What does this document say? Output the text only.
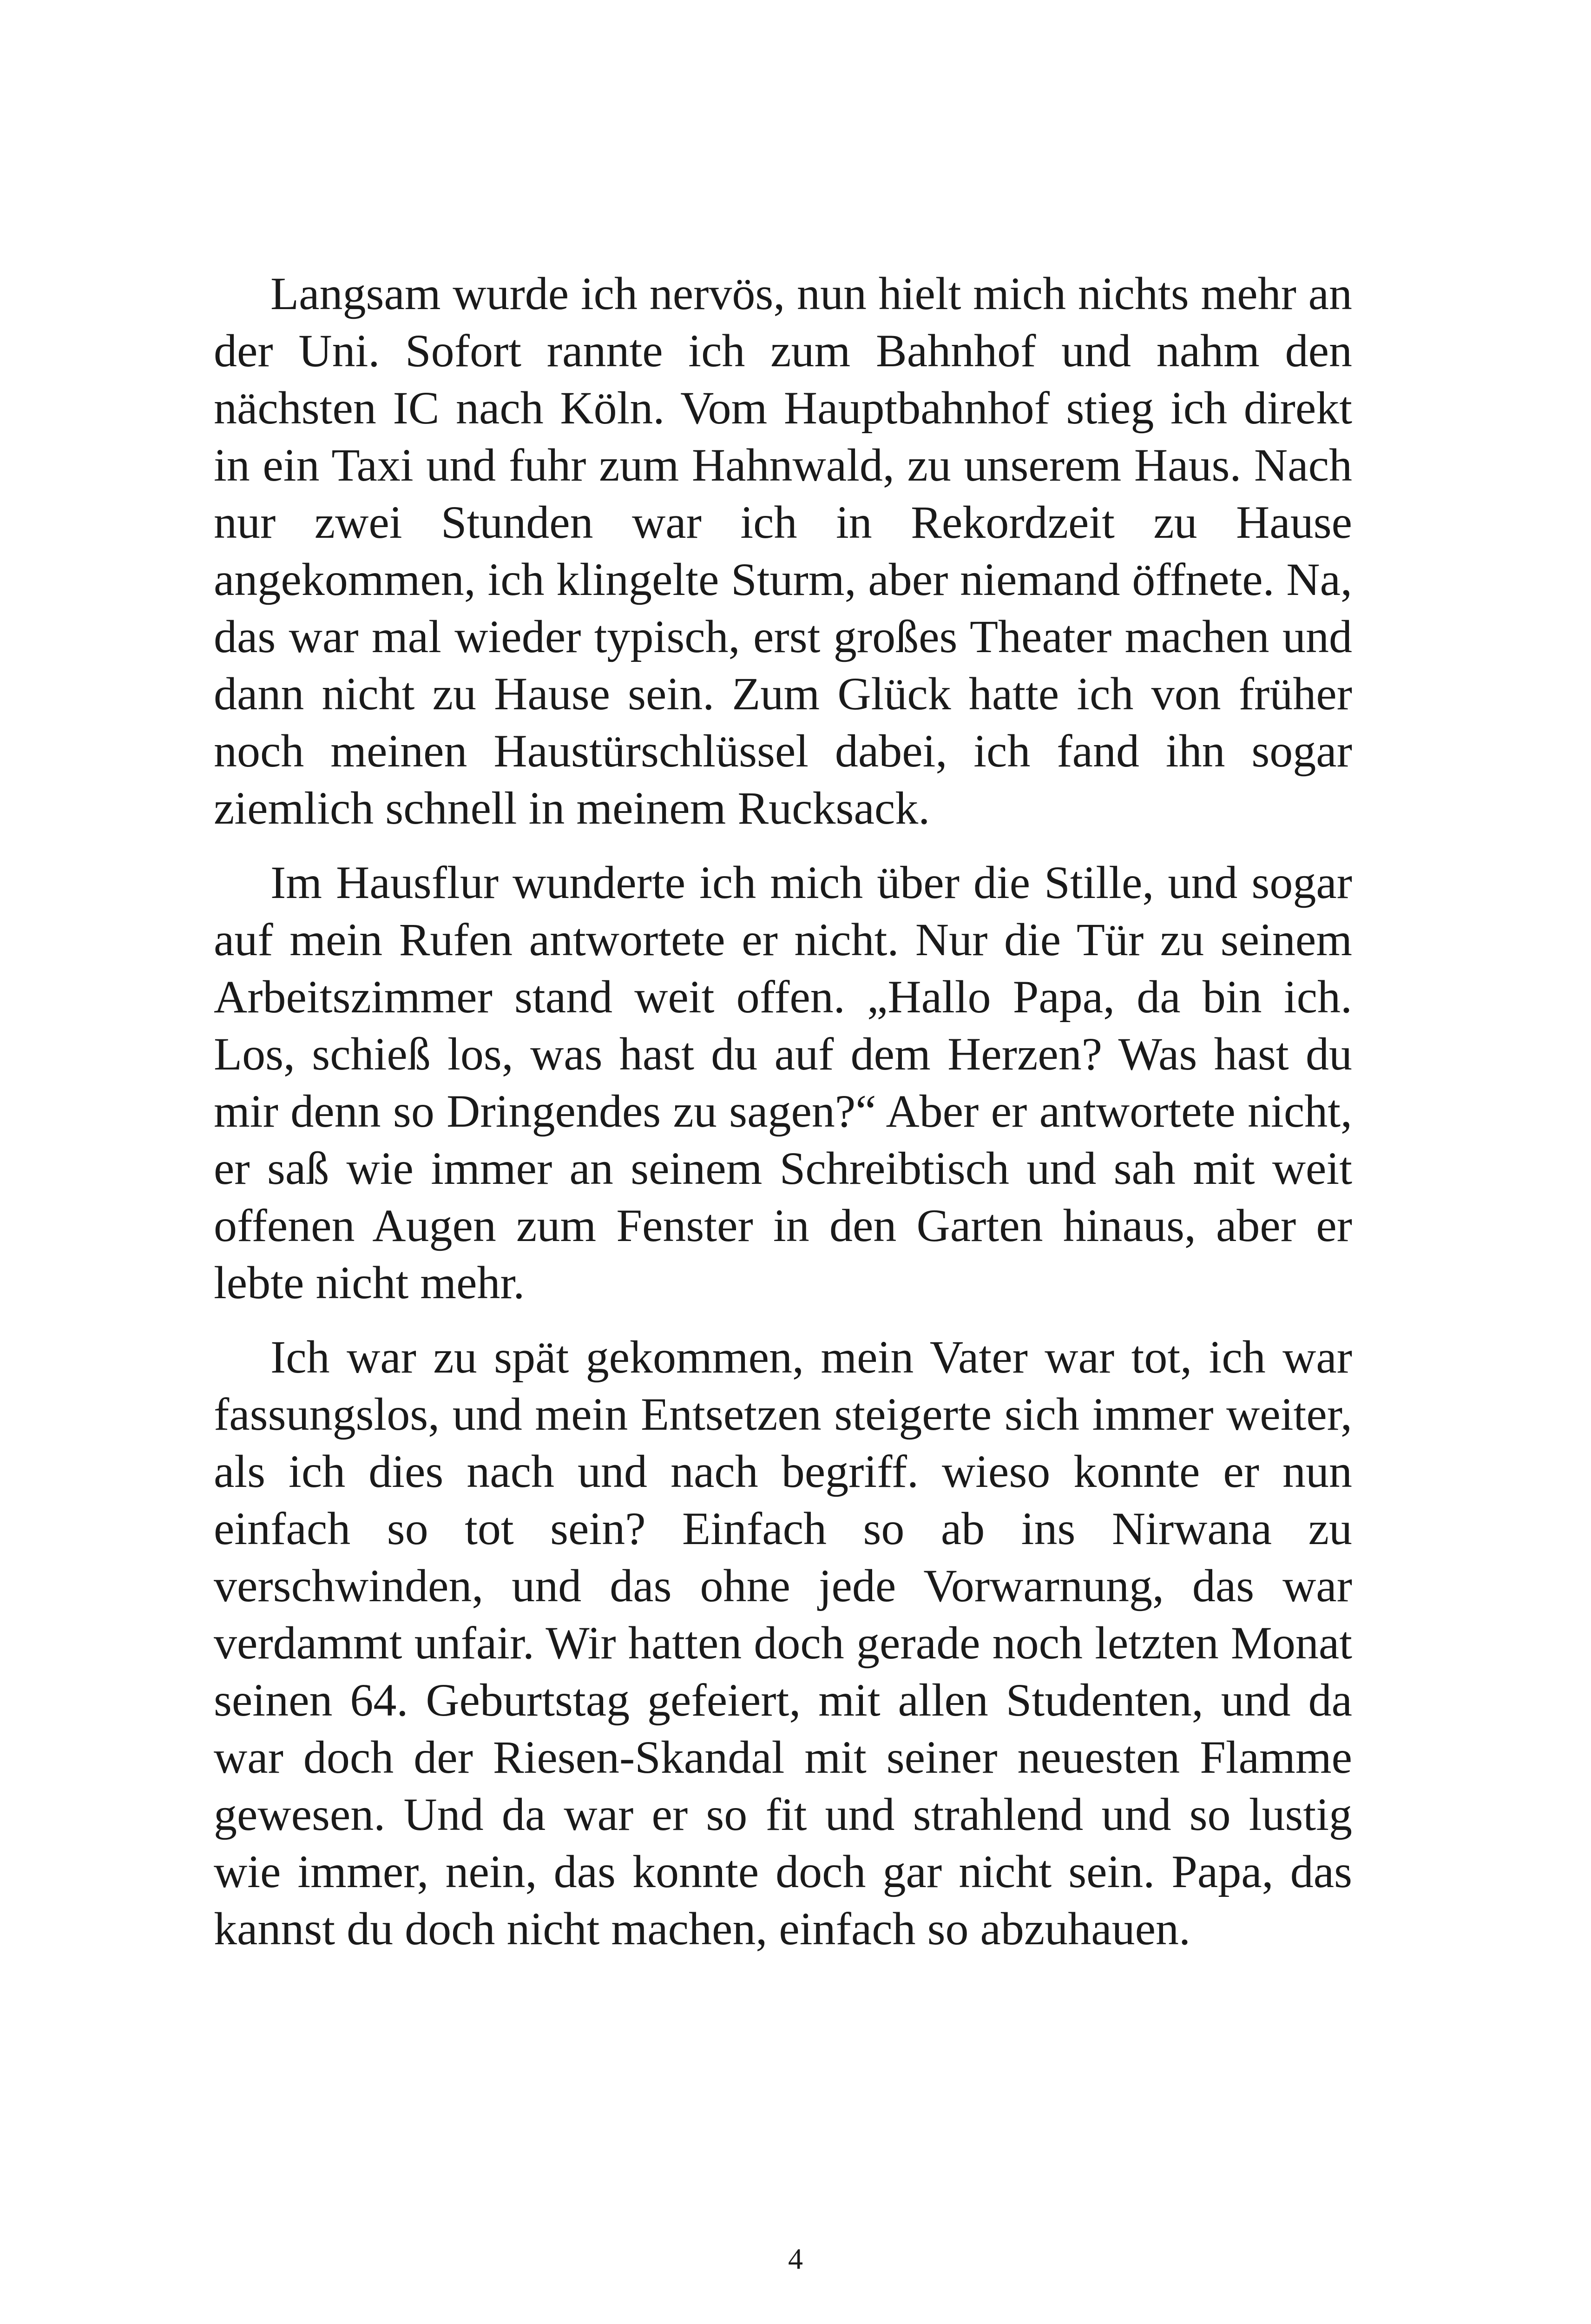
Langsam wurde ich nervös, nun hielt mich nichts mehr an der Uni. Sofort rannte ich zum Bahnhof und nahm den nächsten IC nach Köln. Vom Hauptbahnhof stieg ich direkt in ein Taxi und fuhr zum Hahnwald, zu unserem Haus. Nach nur zwei Stunden war ich in Rekordzeit zu Hause angekommen, ich klingelte Sturm, aber niemand öffnete. Na, das war mal wieder typisch, erst großes Theater machen und dann nicht zu Hause sein. Zum Glück hatte ich von früher noch meinen Haustürschlüssel dabei, ich fand ihn sogar ziemlich schnell in meinem Rucksack.

Im Hausflur wunderte ich mich über die Stille, und sogar auf mein Rufen antwortete er nicht. Nur die Tür zu seinem Arbeitszimmer stand weit offen. „Hallo Papa, da bin ich. Los, schieß los, was hast du auf dem Herzen? Was hast du mir denn so Dringendes zu sagen?“ Aber er antwortete nicht, er saß wie immer an seinem Schreibtisch und sah mit weit offenen Augen zum Fenster in den Garten hinaus, aber er lebte nicht mehr.

Ich war zu spät gekommen, mein Vater war tot, ich war fassungslos, und mein Entsetzen steigerte sich immer weiter, als ich dies nach und nach begriff. wieso konnte er nun einfach so tot sein? Einfach so ab ins Nirwana zu verschwinden, und das ohne jede Vorwarnung, das war verdammt unfair. Wir hatten doch gerade noch letzten Monat seinen 64. Geburtstag gefeiert, mit allen Studenten, und da war doch der Riesen-Skandal mit seiner neuesten Flamme gewesen. Und da war er so fit und strahlend und so lustig wie immer, nein, das konnte doch gar nicht sein. Papa, das kannst du doch nicht machen, einfach so abzuhauen.

4
